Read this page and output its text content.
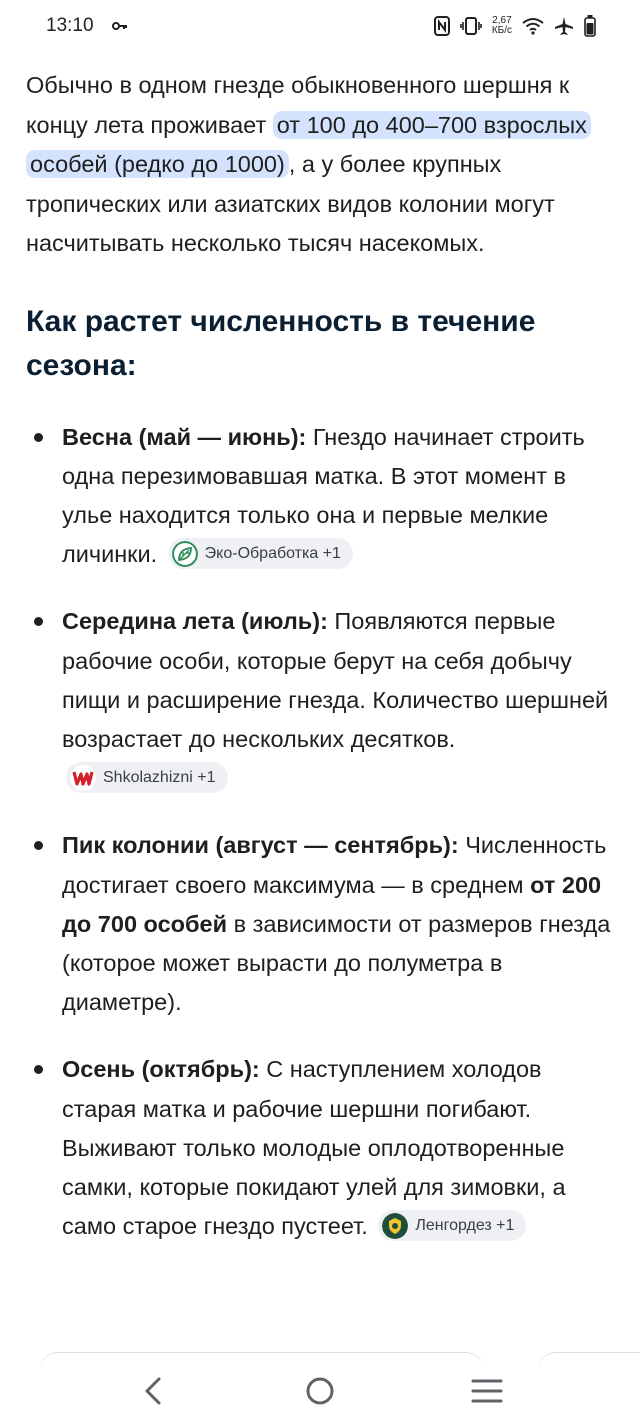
13:10	2,67
КБ/с

Обычно в одном гнезде обыкновенного шершня к концу лета проживает от 100 до 400–700 взрослых особей (редко до 1000) , а у более крупных тропических или азиатских видов колонии могут насчитывать несколько тысяч насекомых.

Как растет численность в течение сезона:
Весна (май — июнь): Гнездо начинает строить одна перезимовавшая матка. В этот момент в улье находится только она и первые мелкие личинки.	Эко-Обработка +1
Середина лета (июль): Появляются первые рабочие особи, которые берут на себя добычу пищи и расширение гнезда. Количество шершней возрастает до нескольких десятков.
Shkolazhizni +1
Пик колонии (август — сентябрь): Численность достигает своего максимума — в среднем от 200 до 700 особей в зависимости от размеров гнезда (которое может вырасти до полуметра в диаметре).
Осень (октябрь): С наступлением холодов старая матка и рабочие шершни погибают. Выживают только молодые оплодотворенные самки, которые покидают улей для зимовки, а само старое гнездо пустеет.	Ленгордез +1
